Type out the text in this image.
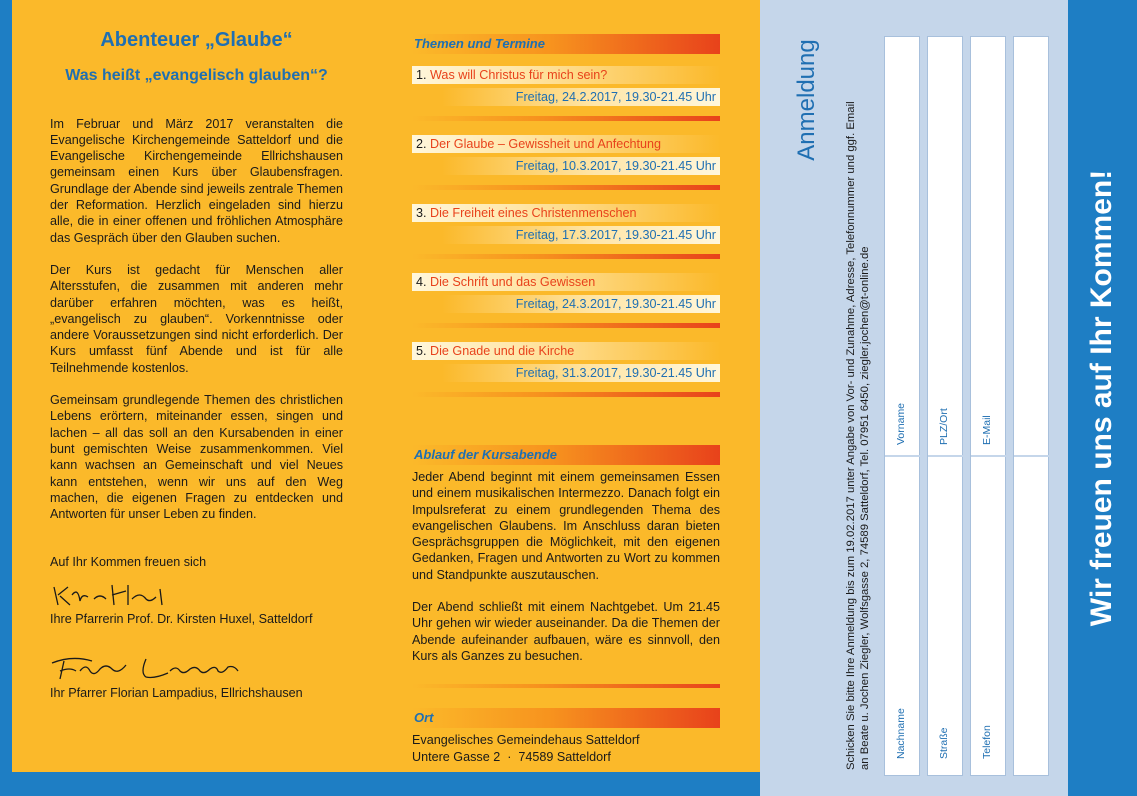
Abenteuer „Glaube“
Was heißt „evangelisch glauben“?

Im Februar und März 2017 veranstalten die Evangelische Kirchengemeinde Satteldorf und die Evangelische Kirchengemeinde Ellrichshausen gemeinsam einen Kurs über Glaubensfragen. Grundlage der Abende sind jeweils zentrale Themen der Reformation. Herzlich eingeladen sind hierzu alle, die in einer offenen und fröhlichen Atmosphäre das Gespräch über den Glauben suchen.

Der Kurs ist gedacht für Menschen aller Altersstufen, die zusammen mit anderen mehr darüber erfahren möchten, was es heißt, „evangelisch zu glauben“. Vorkenntnisse oder andere Voraussetzungen sind nicht erforderlich. Der Kurs umfasst fünf Abende und ist für alle Teilnehmende kostenlos.

Gemeinsam grundlegende Themen des christlichen Lebens erörtern, miteinander essen, singen und lachen – all das soll an den Kursabenden in einer bunt gemischten Weise zusammenkommen. Viel kann wachsen an Gemeinschaft und viel Neues kann entstehen, wenn wir uns auf den Weg machen, die eigenen Fragen zu entdecken und Antworten für unser Leben zu finden.

Auf Ihr Kommen freuen sich

Ihre Pfarrerin Prof. Dr. Kirsten Huxel, Satteldorf

Ihr Pfarrer Florian Lampadius, Ellrichshausen

Themen und Termine
1. Was will Christus für mich sein?
Freitag, 24.2.2017, 19.30-21.45 Uhr
2. Der Glaube – Gewissheit und Anfechtung
Freitag, 10.3.2017, 19.30-21.45 Uhr
3. Die Freiheit eines Christenmenschen
Freitag, 17.3.2017, 19.30-21.45 Uhr
4. Die Schrift und das Gewissen
Freitag, 24.3.2017, 19.30-21.45 Uhr
5. Die Gnade und die Kirche
Freitag, 31.3.2017, 19.30-21.45 Uhr
Ablauf der Kursabende

Jeder Abend beginnt mit einem gemeinsamen Essen und einem musikalischen Intermezzo. Danach folgt ein Impulsreferat zu einem grundlegenden Thema des evangelischen Glaubens. Im Anschluss daran bieten Gesprächsgruppen die Möglichkeit, mit den eigenen Gedanken, Fragen und Antworten zu Wort zu kommen und Standpunkte auszutauschen.

Der Abend schließt mit einem Nachtgebet. Um 21.45 Uhr gehen wir wieder auseinander. Da die Themen der Abende aufeinander aufbauen, wäre es sinnvoll, den Kurs als Ganzes zu besuchen.

Ort

Evangelisches Gemeindehaus Satteldorf

Untere Gasse 2  ·  74589 Satteldorf

Anmeldung
Schicken Sie bitte Ihre Anmeldung bis zum 19.02.2017 unter Angabe von Vor- und Zunahme, Adresse, Telefonnummer und ggf. Email an Beate u. Jochen Ziegler, Wolfsgasse 2, 74589 Satteldorf, Tel. 07951 6450, ziegler.jochen@t-online.de Vorname
Nachname
PLZ/Ort
Straße
E-Mail
Telefon
Wir freuen uns auf Ihr Kommen!
